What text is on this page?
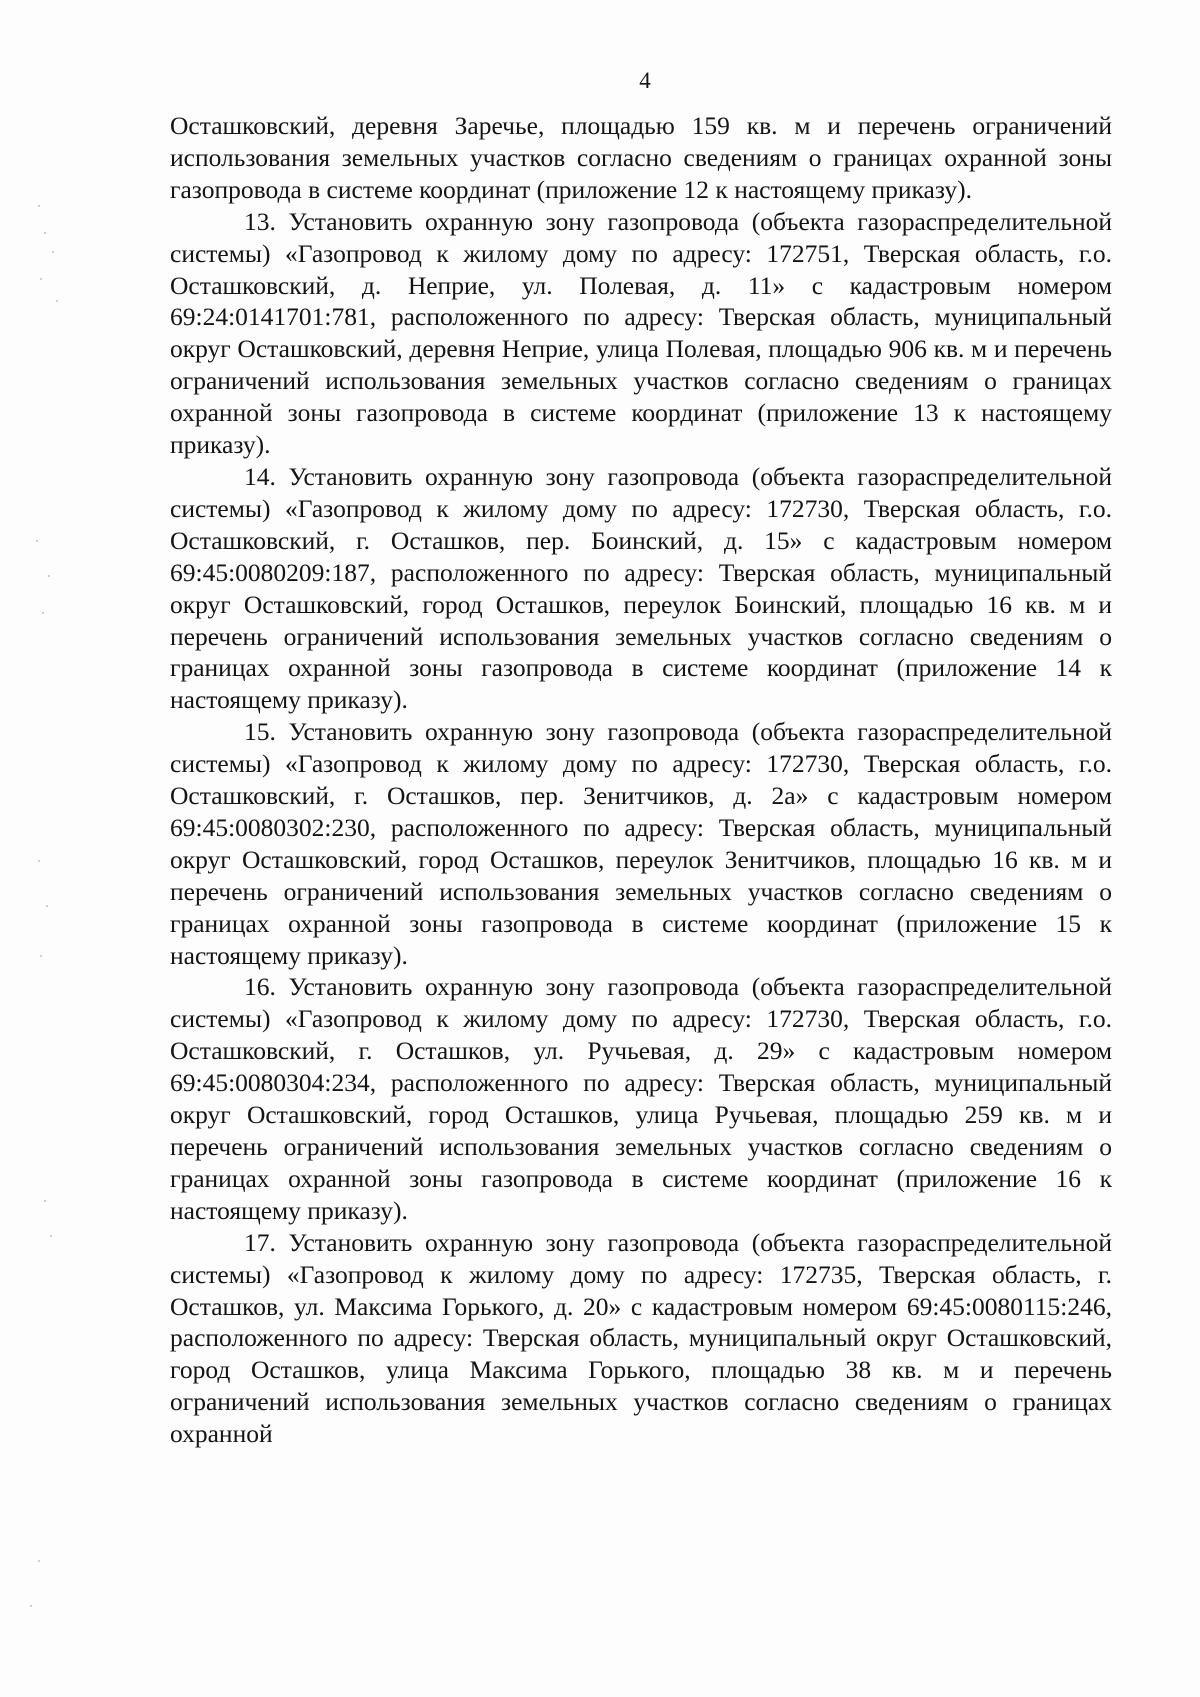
4

Осташковский, деревня Заречье, площадью 159 кв. м и перечень ограничений использования земельных участков согласно сведениям о границах охранной зоны газопровода в системе координат (приложение 12 к настоящему приказу).

13. Установить охранную зону газопровода (объекта газораспределительной системы) «Газопровод к жилому дому по адресу: 172751, Тверская область, г.о. Осташковский, д. Неприе, ул. Полевая, д. 11» с кадастровым номером 69:24:0141701:781, расположенного по адресу: Тверская область, муниципальный округ Осташковский, деревня Неприе, улица Полевая, площадью 906 кв. м и перечень ограничений использования земельных участков согласно сведениям о границах охранной зоны газопровода в системе координат (приложение 13 к настоящему приказу).

14. Установить охранную зону газопровода (объекта газораспределительной системы) «Газопровод к жилому дому по адресу: 172730, Тверская область, г.о. Осташковский, г. Осташков, пер. Боинский, д. 15» с кадастровым номером 69:45:0080209:187, расположенного по адресу: Тверская область, муниципальный округ Осташковский, город Осташков, переулок Боинский, площадью 16 кв. м и перечень ограничений использования земельных участков согласно сведениям о границах охранной зоны газопровода в системе координат (приложение 14 к настоящему приказу).

15. Установить охранную зону газопровода (объекта газораспределительной системы) «Газопровод к жилому дому по адресу: 172730, Тверская область, г.о. Осташковский, г. Осташков, пер. Зенитчиков, д. 2а» с кадастровым номером 69:45:0080302:230, расположенного по адресу: Тверская область, муниципальный округ Осташковский, город Осташков, переулок Зенитчиков, площадью 16 кв. м и перечень ограничений использования земельных участков согласно сведениям о границах охранной зоны газопровода в системе координат (приложение 15 к настоящему приказу).

16. Установить охранную зону газопровода (объекта газораспределительной системы) «Газопровод к жилому дому по адресу: 172730, Тверская область, г.о. Осташковский, г. Осташков, ул. Ручьевая, д. 29» с кадастровым номером 69:45:0080304:234, расположенного по адресу: Тверская область, муниципальный округ Осташковский, город Осташков, улица Ручьевая, площадью 259 кв. м и перечень ограничений использования земельных участков согласно сведениям о границах охранной зоны газопровода в системе координат (приложение 16 к настоящему приказу).

17. Установить охранную зону газопровода (объекта газораспределительной системы) «Газопровод к жилому дому по адресу: 172735, Тверская область, г. Осташков, ул. Максима Горького, д. 20» с кадастровым номером 69:45:0080115:246, расположенного по адресу: Тверская область, муниципальный округ Осташковский, город Осташков, улица Максима Горького, площадью 38 кв. м и перечень ограничений использования земельных участков согласно сведениям о границах охранной
